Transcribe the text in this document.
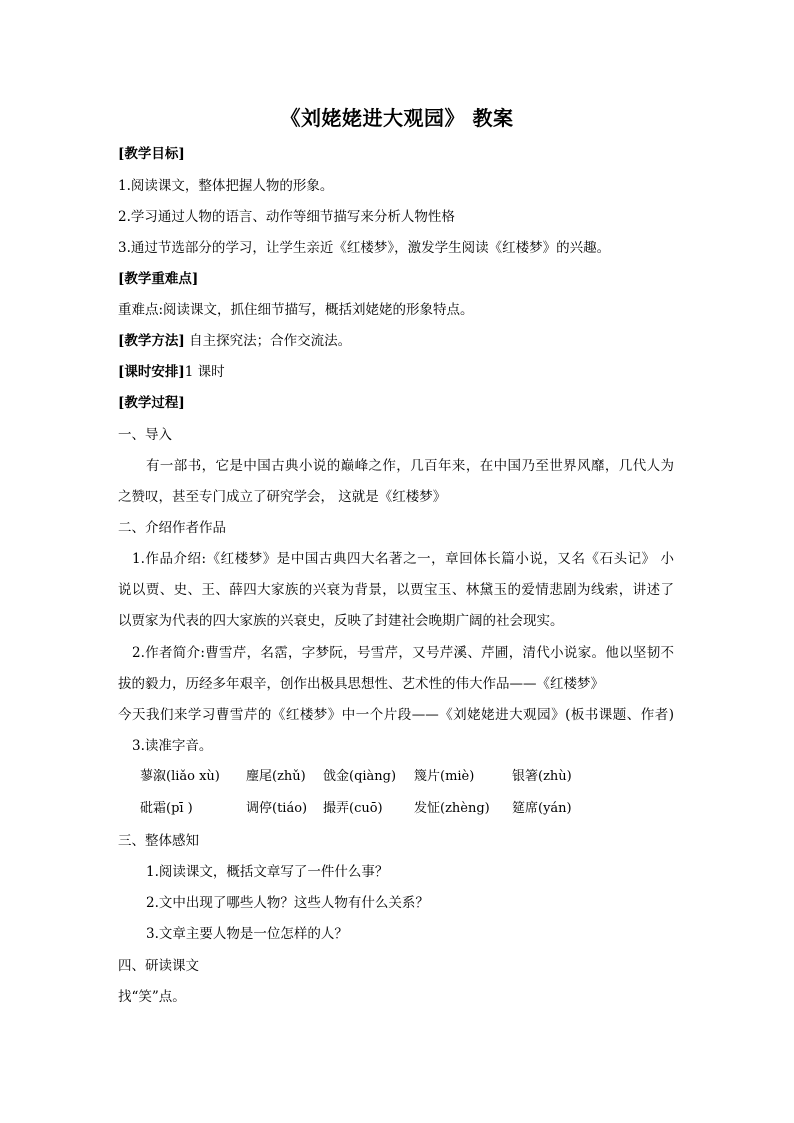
《刘姥姥进大观园》 教案
[教学目标]
1.阅读课文，整体把握人物的形象。
2.学习通过人物的语言、动作等细节描写来分析人物性格
3.通过节选部分的学习，让学生亲近《红楼梦》，激发学生阅读《红楼梦》的兴趣。
[教学重难点]
重难点:阅读课文，抓住细节描写，概括刘姥姥的形象特点。
[教学方法] 自主探究法；合作交流法。
[课时安排]1 课时
[教学过程]
一、导入
有一部书，它是中国古典小说的巅峰之作，几百年来，在中国乃至世界风靡，几代人为
之赞叹，甚至专门成立了研究学会， 这就是《红楼梦》
二、介绍作者作品
1.作品介绍:《红楼梦》是中国古典四大名著之一，章回体长篇小说，又名《石头记》 小
说以贾、史、王、薛四大家族的兴衰为背景，以贾宝玉、林黛玉的爱情悲剧为线索，讲述了
以贾家为代表的四大家族的兴衰史，反映了封建社会晚期广阔的社会现实。
2.作者简介:曹雪芹，名霑，字梦阮，号雪芹，又号芹溪、芹圃，清代小说家。他以坚韧不
拔的毅力，历经多年艰辛，创作出极具思想性、艺术性的伟大作品——《红楼梦》
今天我们来学习曹雪芹的《红楼梦》中一个片段——《刘姥姥进大观园》(板书课题、作者)
3.读准字音。
蓼溆(liǎo xù) 麈尾(zhǔ) 戗金(qiàng) 篾片(miè)	银箸(zhù)
砒霜(pī )	调停(tiáo) 撮弄(cuō) 发怔(zhèng) 筵席(yán)
三、整体感知
1.阅读课文，概括文章写了一件什么事？
2.文中出现了哪些人物？这些人物有什么关系？
3.文章主要人物是一位怎样的人？
四、研读课文
找“笑”点。
